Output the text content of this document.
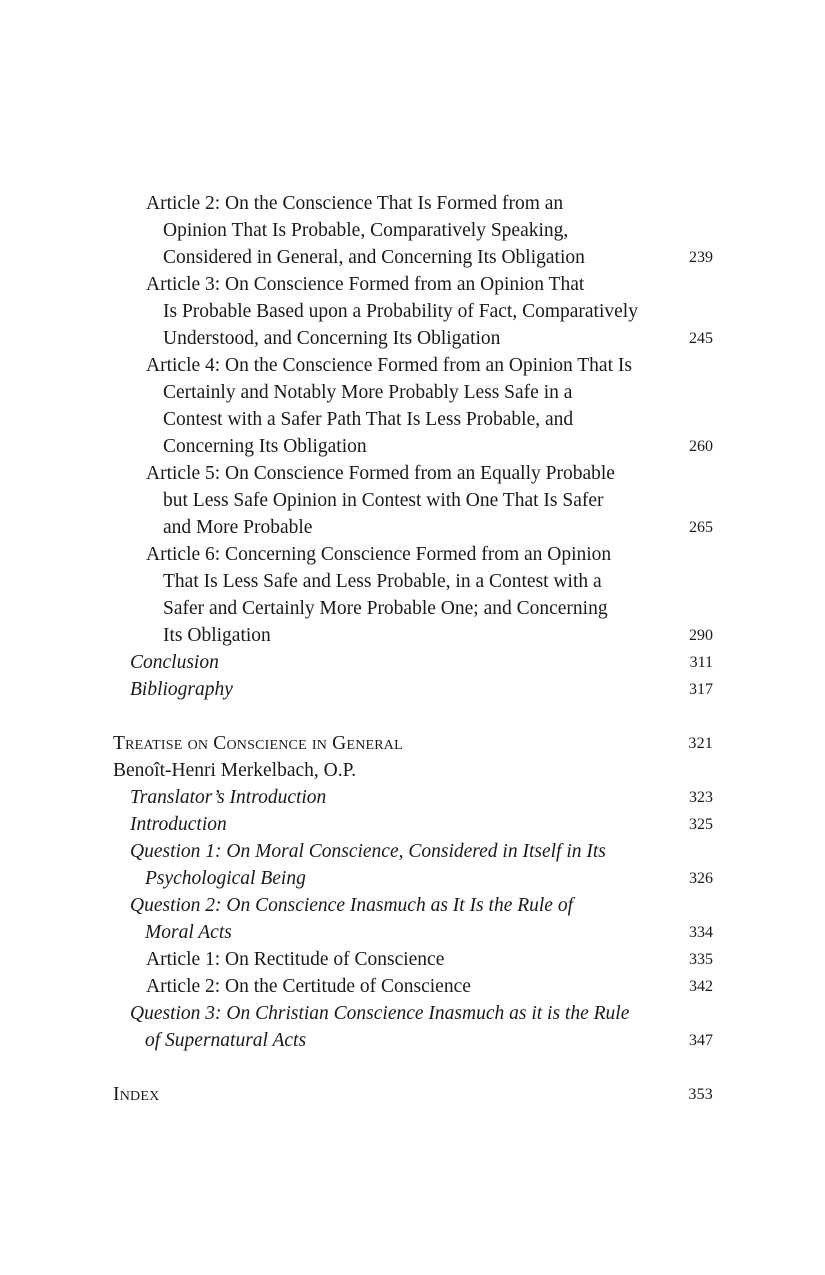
Article 2: On the Conscience That Is Formed from an
Opinion That Is Probable, Comparatively Speaking,
Considered in General, and Concerning Its Obligation	239
Article 3: On Conscience Formed from an Opinion That
Is Probable Based upon a Probability of Fact, Comparatively
Understood, and Concerning Its Obligation	245
Article 4: On the Conscience Formed from an Opinion That Is
Certainly and Notably More Probably Less Safe in a
Contest with a Safer Path That Is Less Probable, and
Concerning Its Obligation	260
Article 5: On Conscience Formed from an Equally Probable
but Less Safe Opinion in Contest with One That Is Safer
and More Probable	265
Article 6: Concerning Conscience Formed from an Opinion
That Is Less Safe and Less Probable, in a Contest with a
Safer and Certainly More Probable One; and Concerning
Its Obligation	290
Conclusion	311
Bibliography	317
Treatise on Conscience in General	321
Benoît-Henri Merkelbach, O.P.
Translator’s Introduction	323
Introduction	325
Question 1: On Moral Conscience, Considered in Itself in Its
Psychological Being	326
Question 2: On Conscience Inasmuch as It Is the Rule of
Moral Acts	334
Article 1: On Rectitude of Conscience	335
Article 2: On the Certitude of Conscience	342
Question 3: On Christian Conscience Inasmuch as it is the Rule
of Supernatural Acts	347
Index	353
